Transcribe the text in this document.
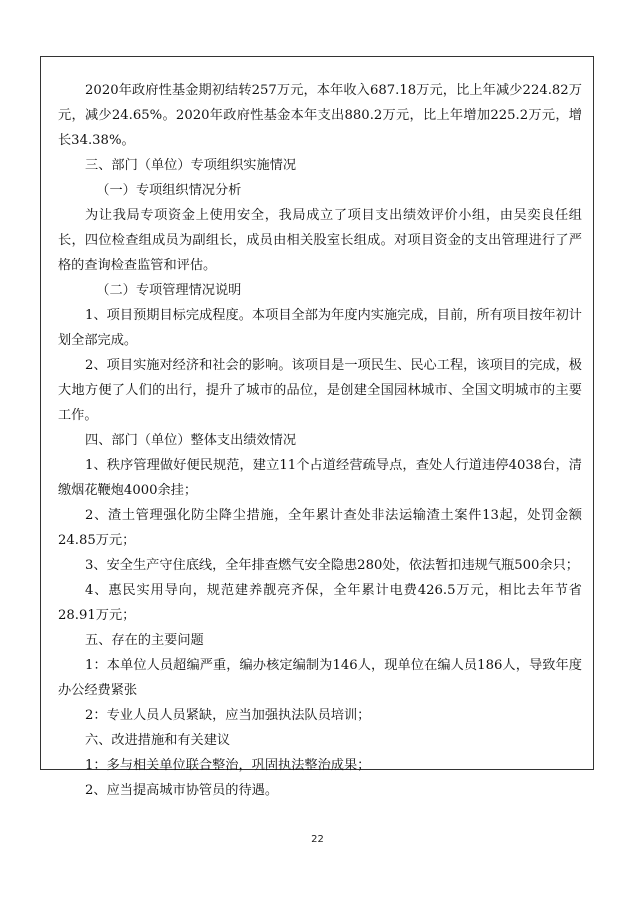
2020年政府性基金期初结转257万元，本年收入687.18万元，比上年减少224.82万元，减少24.65%。2020年政府性基金本年支出880.2万元，比上年增加225.2万元，增长34.38%。

三、部门（单位）专项组织实施情况

（一）专项组织情况分析

为让我局专项资金上使用安全，我局成立了项目支出绩效评价小组，由吴奕良任组长，四位检查组成员为副组长，成员由相关股室长组成。对项目资金的支出管理进行了严格的查询检查监管和评估。

（二）专项管理情况说明

1、项目预期目标完成程度。本项目全部为年度内实施完成，目前，所有项目按年初计划全部完成。

2、项目实施对经济和社会的影响。该项目是一项民生、民心工程，该项目的完成，极大地方便了人们的出行，提升了城市的品位，是创建全国园林城市、全国文明城市的主要工作。

四、部门（单位）整体支出绩效情况

1、秩序管理做好便民规范，建立11个占道经营疏导点，查处人行道违停4038台，清缴烟花鞭炮4000余挂；

2、渣土管理强化防尘降尘措施，全年累计查处非法运输渣土案件13起，处罚金额24.85万元；

3、安全生产守住底线，全年排查燃气安全隐患280处，依法暂扣违规气瓶500余只；

4、惠民实用导向，规范建养靓亮齐保，全年累计电费426.5万元，相比去年节省28.91万元；

五、存在的主要问题

1：本单位人员超编严重，编办核定编制为146人，现单位在编人员186人，导致年度办公经费紧张

2：专业人员人员紧缺，应当加强执法队员培训；

六、改进措施和有关建议

1：多与相关单位联合整治，巩固执法整治成果；

2、应当提高城市协管员的待遇。

22
